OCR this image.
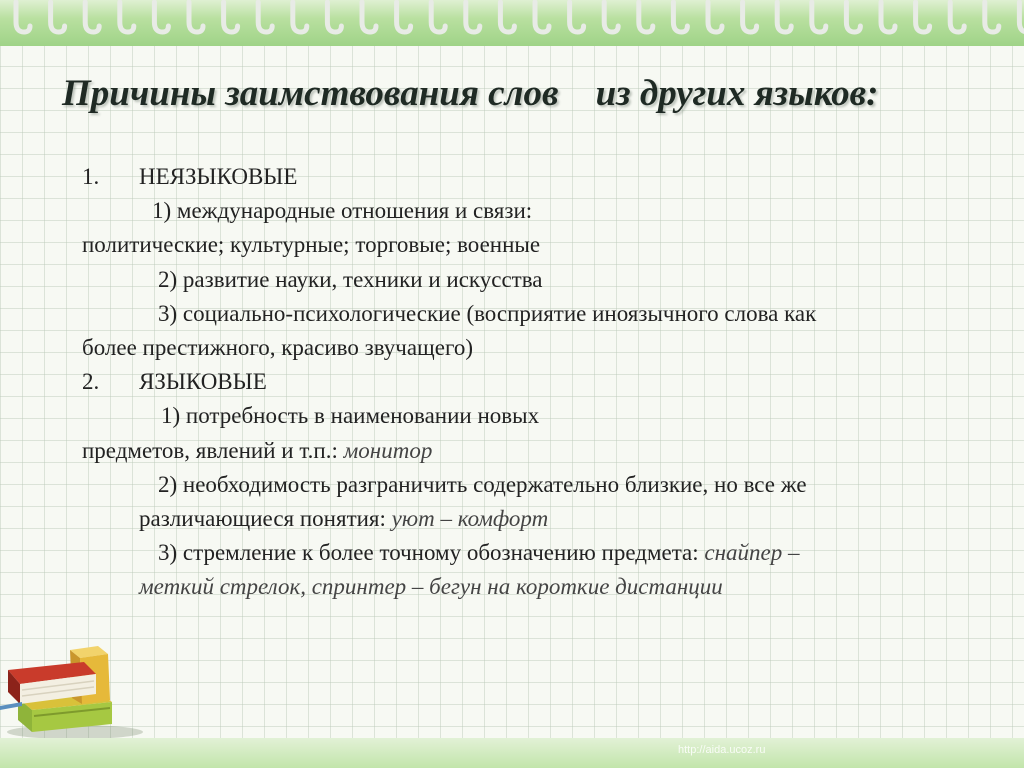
Причины заимствования слов    из других языков:
1. НЕЯЗЫКОВЫЕ
1) международные отношения и связи:
политические; культурные; торговые; военные
2) развитие науки, техники и искусства
3) социально-психологические (восприятие иноязычного слова как
более престижного, красиво звучащего)
2. ЯЗЫКОВЫЕ
1) потребность в наименовании новых
предметов, явлений и т.п.: монитор
2) необходимость разграничить содержательно близкие, но все же
различающиеся понятия: уют – комфорт
3) стремление к более точному обозначению предмета: снайпер –
меткий стрелок, спринтер – бегун на короткие дистанции
http://aida.ucoz.ru
